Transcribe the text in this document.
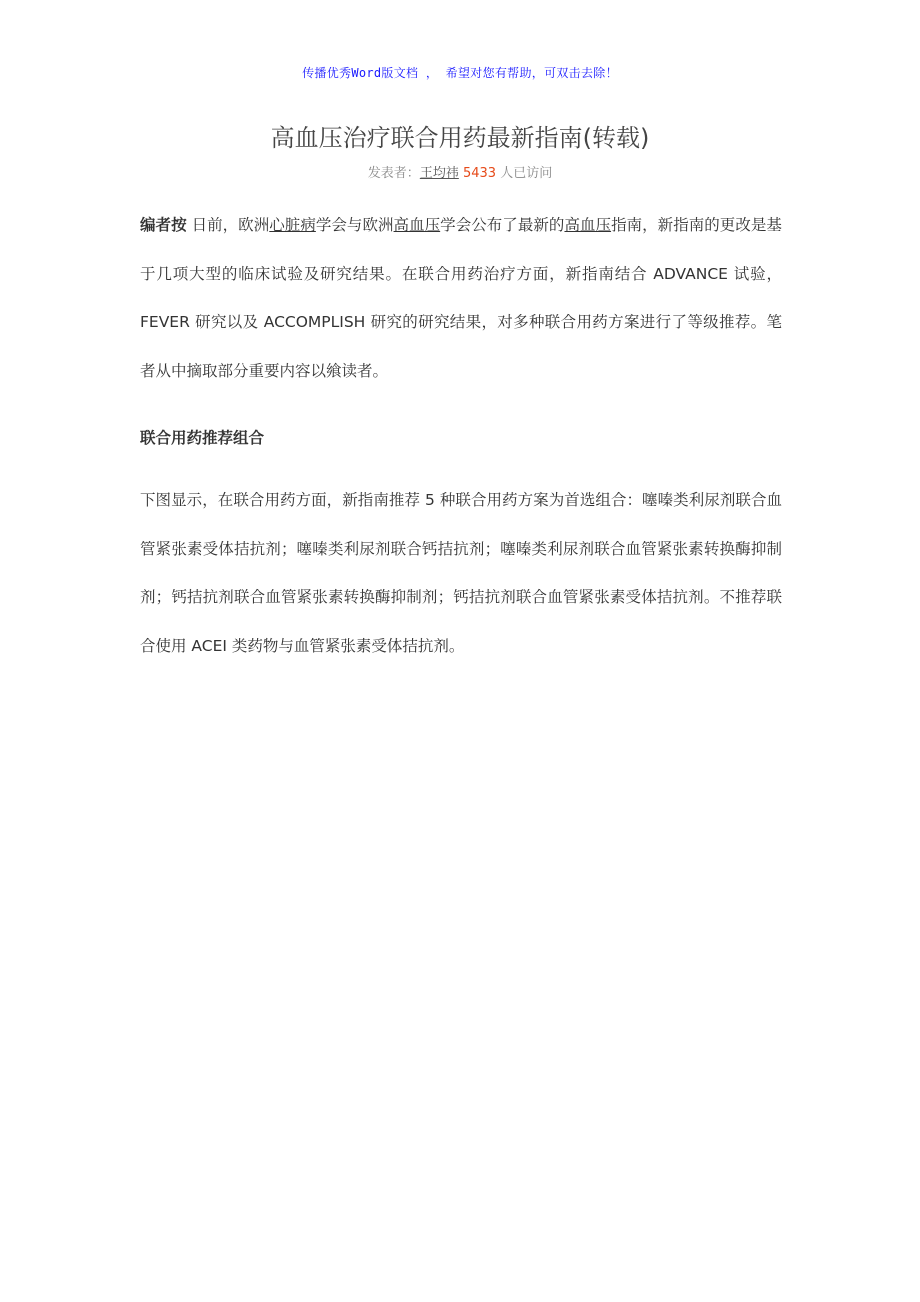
传播优秀Word版文档 ， 希望对您有帮助，可双击去除！
高血压治疗联合用药最新指南(转载)
发表者：王均祎 5433 人已访问

编者按 日前，欧洲心脏病学会与欧洲高血压学会公布了最新的高血压指南，新指南的更改是基于几项大型的临床试验及研究结果。在联合用药治疗方面，新指南结合 ADVANCE 试验，FEVER 研究以及 ACCOMPLISH 研究的研究结果，对多种联合用药方案进行了等级推荐。笔者从中摘取部分重要内容以飨读者。

联合用药推荐组合

下图显示，在联合用药方面，新指南推荐 5 种联合用药方案为首选组合：噻嗪类利尿剂联合血管紧张素受体拮抗剂；噻嗪类利尿剂联合钙拮抗剂；噻嗪类利尿剂联合血管紧张素转换酶抑制剂；钙拮抗剂联合血管紧张素转换酶抑制剂；钙拮抗剂联合血管紧张素受体拮抗剂。不推荐联合使用 ACEI 类药物与血管紧张素受体拮抗剂。
